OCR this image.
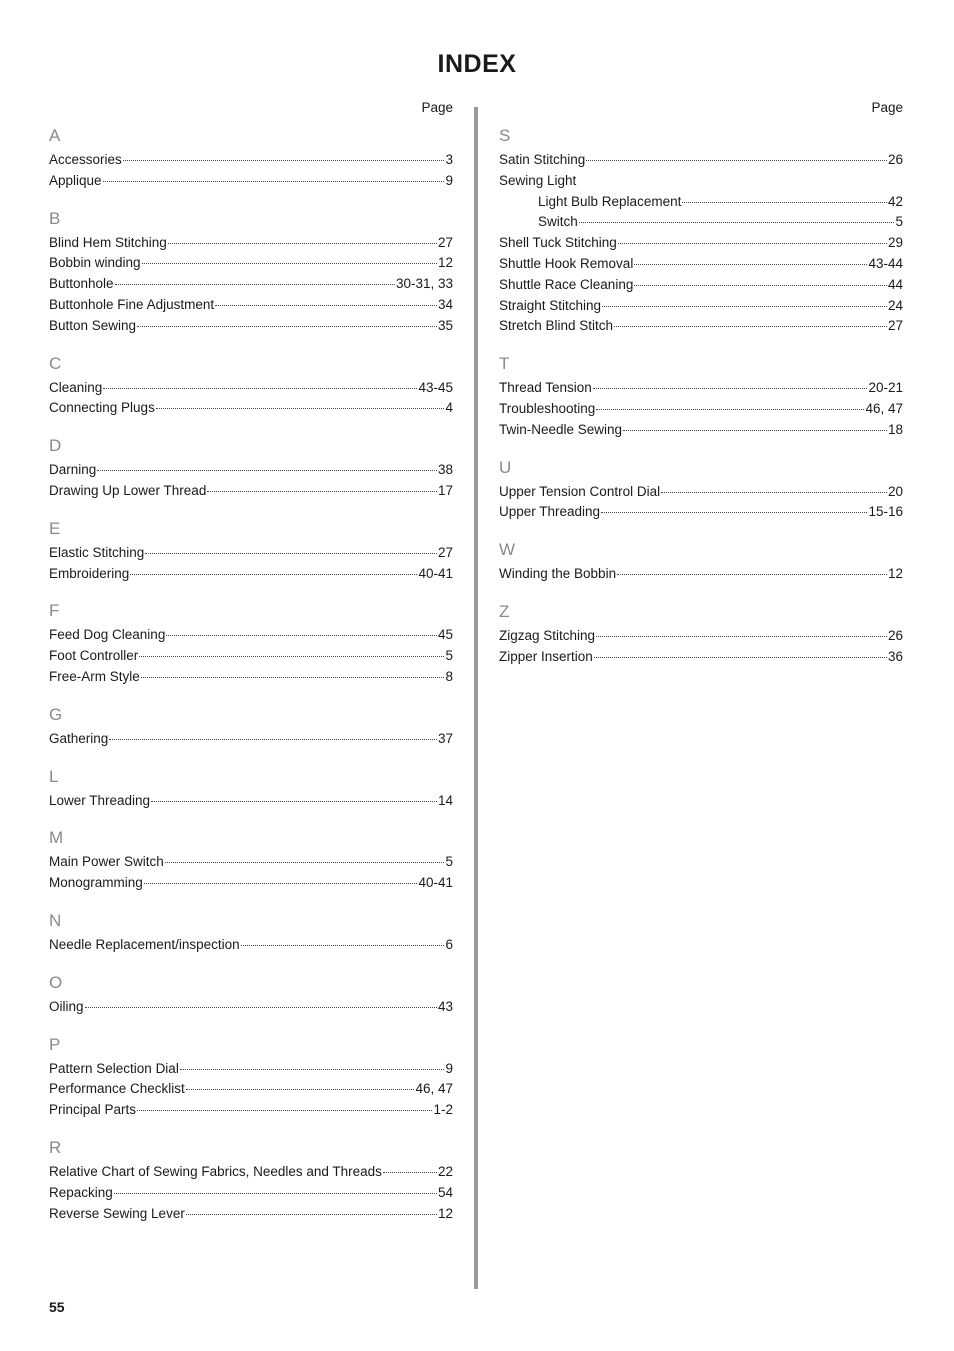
INDEX
Page
A
Accessories	3
Applique	9
B
Blind Hem Stitching	27
Bobbin winding	12
Buttonhole	30-31, 33
Buttonhole Fine Adjustment	34
Button Sewing	35
C
Cleaning	43-45
Connecting Plugs	4
D
Darning	38
Drawing Up Lower Thread	17
E
Elastic Stitching	27
Embroidering	40-41
F
Feed Dog Cleaning	45
Foot Controller	5
Free-Arm Style	8
G
Gathering	37
L
Lower Threading	14
M
Main Power Switch	5
Monogramming	40-41
N
Needle Replacement/inspection	6
O
Oiling	43
P
Pattern Selection Dial	9
Performance Checklist	46, 47
Principal Parts	1-2
R
Relative Chart of Sewing Fabrics, Needles and Threads	22
Repacking	54
Reverse Sewing Lever	12
Page
S
Satin Stitching	26
Sewing Light
Light Bulb Replacement	42
Switch	5
Shell Tuck Stitching	29
Shuttle Hook Removal	43-44
Shuttle Race Cleaning	44
Straight Stitching	24
Stretch Blind Stitch	27
T
Thread Tension	20-21
Troubleshooting	46, 47
Twin-Needle Sewing	18
U
Upper Tension Control Dial	20
Upper Threading	15-16
W
Winding the Bobbin	12
Z
Zigzag Stitching	26
Zipper Insertion	36
55
